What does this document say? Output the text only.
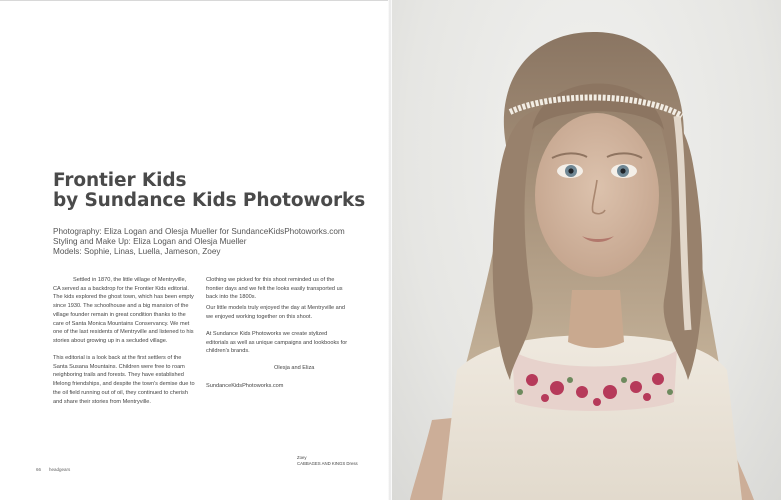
Frontier Kids
by Sundance Kids Photoworks
Photography: Eliza Logan and Olesja Mueller for SundanceKidsPhotoworks.com
Styling and Make Up: Eliza Logan and Olesja Mueller
Models: Sophie, Linas, Luella, Jameson, Zoey

Settled in 1870, the little village of Mentryville, CA served as a backdrop for the Frontier Kids editorial. The kids explored the ghost town, which has been empty since 1930. The schoolhouse and a big mansion of the village founder remain in great condition thanks to the care of Santa Monica Mountains Conservancy. We met one of the last residents of Mentryville and listened to his stories about growing up in a secluded village.

This editorial is a look back at the first settlers of the Santa Susana Mountains. Children were free to roam neighboring trails and forests. They have established lifelong friendships, and despite the town's demise due to the oil field running out of oil, they continued to cherish and share their stories from Mentryville.

Clothing we picked for this shoot reminded us of the frontier days and we felt the looks easily transported us back into the 1800s.

Our little models truly enjoyed the day at Mentryville and we enjoyed working together on this shoot.

At Sundance Kids Photoworks we create stylized editorials as well as unique campaigns and lookbooks for children's brands.

Olesja and Eliza

SundanceKidsPhotoworks.com

Zoey
CABBAGES AND KINGS Dress
66 headgears
